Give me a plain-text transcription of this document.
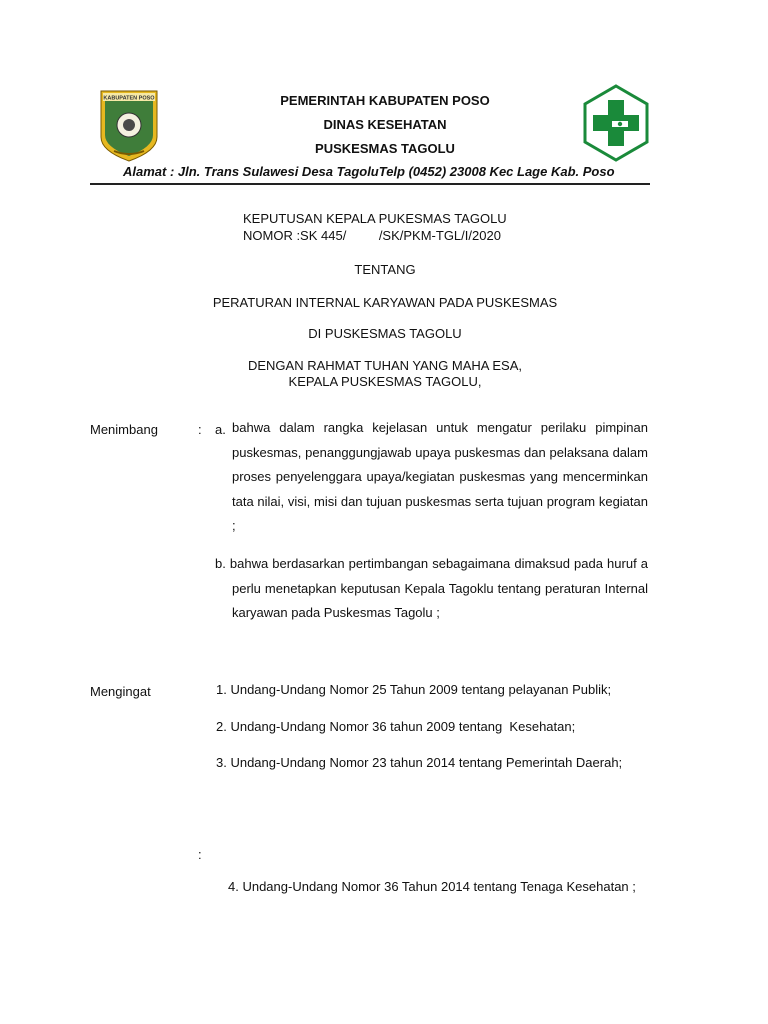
KABUPATEN POSO	PEMERINTAH KABUPATEN POSO
DINAS KESEHATAN
PUSKESMAS TAGOLU
Alamat : Jln. Trans Sulawesi Desa TagoluTelp (0452) 23008 Kec Lage Kab. Poso
KEPUTUSAN KEPALA PUKESMAS TAGOLU
NOMOR :SK 445/         /SK/PKM-TGL/I/2020
TENTANG
PERATURAN INTERNAL KARYAWAN PADA PUSKESMAS
DI PUSKESMAS TAGOLU
DENGAN RAHMAT TUHAN YANG MAHA ESA,
KEPALA PUSKESMAS TAGOLU,
Menimbang	: a. bahwa dalam rangka kejelasan untuk mengatur perilaku pimpinan puskesmas, penanggungjawab upaya puskesmas dan pelaksana dalam proses penyelenggara upaya/kegiatan puskesmas yang mencerminkan tata nilai, visi, misi dan tujuan puskesmas serta tujuan program kegiatan ;
b. bahwa berdasarkan pertimbangan sebagaimana dimaksud pada huruf a perlu menetapkan keputusan Kepala Tagoklu tentang peraturan Internal karyawan pada Puskesmas Tagolu ;
Mengingat	1. Undang-Undang Nomor 25 Tahun 2009 tentang pelayanan Publik;
2. Undang-Undang Nomor 36 tahun 2009 tentang  Kesehatan;
3. Undang-Undang Nomor 23 tahun 2014 tentang Pemerintah Daerah;
:
4. Undang-Undang Nomor 36 Tahun 2014 tentang Tenaga Kesehatan ;
